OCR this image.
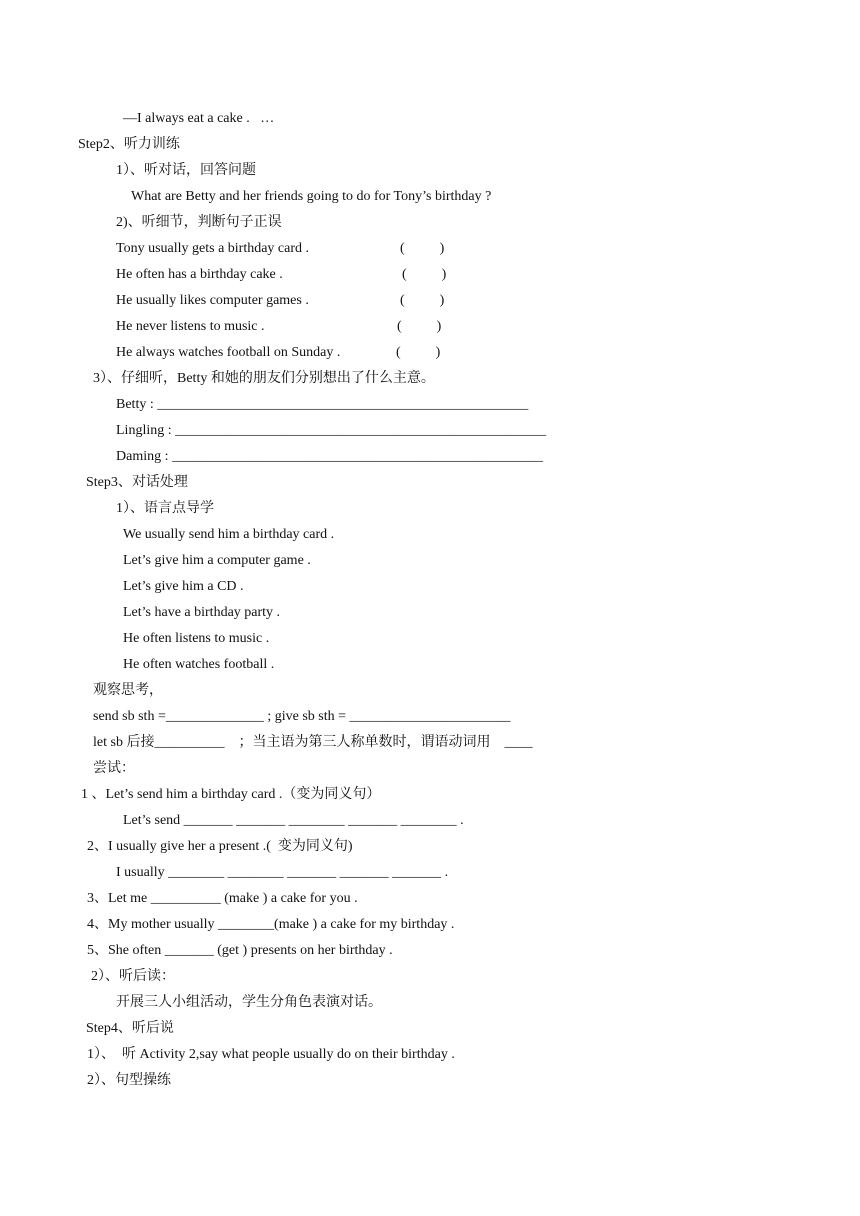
—I always eat a cake .   …
Step2、听力训练
1）、听对话，回答问题
What are Betty and her friends going to do for Tony’s birthday ?
2)、听细节，判断句子正误
Tony usually gets a birthday card .	(          )
He often has a birthday cake .	(          )
He usually likes computer games .	(          )
He never listens to music .	(          )
He always watches football on Sunday .	(          )
3）、仔细听，Betty 和她的朋友们分别想出了什么主意。
Betty : _____________________________________________________
Lingling : _____________________________________________________
Daming : _____________________________________________________
Step3、对话处理
1）、语言点导学
We usually send him a birthday card .
Let’s give him a computer game .
Let’s give him a CD .
Let’s have a birthday party .
He often listens to music .
He often watches football .
观察思考，
send sb sth =______________ ; give sb sth = _______________________
let sb 后接__________    ；当主语为第三人称单数时，谓语动词用    ____
尝试：
1 、Let’s send him a birthday card .（变为同义句）
Let’s send _______ _______ ________ _______ ________ .
2、I usually give her a present .(  变为同义句)
I usually ________ ________ _______ _______ _______ .
3、Let me __________ (make ) a cake for you .
4、My mother usually ________(make ) a cake for my birthday .
5、She often _______ (get ) presents on her birthday .
2）、听后读：
开展三人小组活动，学生分角色表演对话。
Step4、听后说
1）、  听 Activity 2,say what people usually do on their birthday .
2）、句型操练
